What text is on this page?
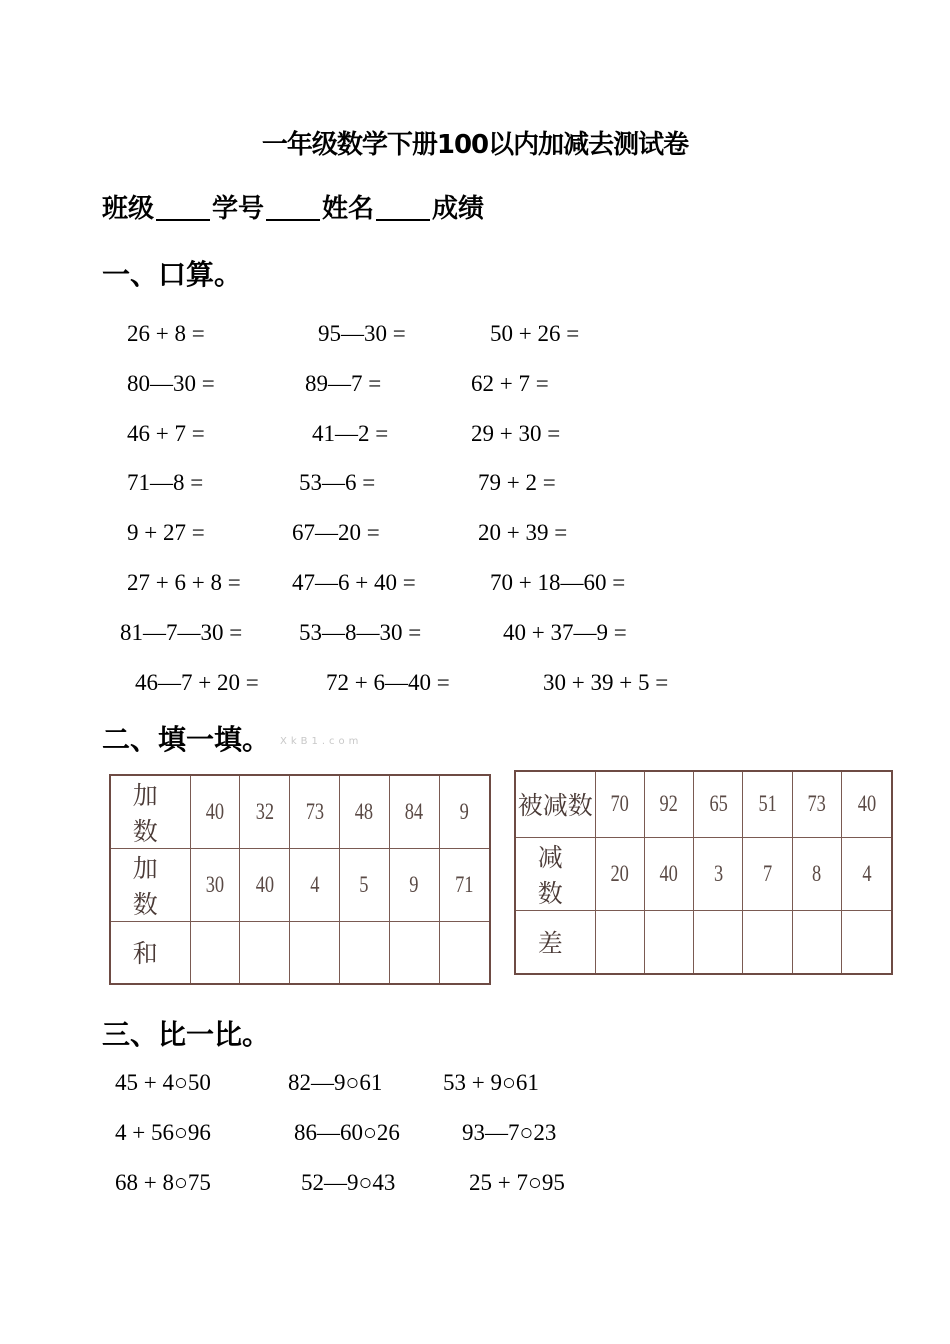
一年级数学下册100以内加减去测试卷
班级 学号 姓名 成绩
一、口算。
26 + 8 =	95—30 =	50 + 26 =
80—30 =	89—7 =	62 + 7 =
46 + 7 =	41—2 =	29 + 30 =
71—8 =	53—6 =	79 + 2 =
9 + 27 =	67—20 =	20 + 39 =
27 + 6 + 8 = 47—6 + 40 =	70 + 18—60 =
81—7—30 = 53—8—30 =	40 + 37—9 =
46—7 + 20 =	72 + 6—40 =	30 + 39 + 5 =
二、填一填。 XkB1.com
加 数	40	32	73	48	84	9
加 数	30	40	4	5	9	71
和						
被减数	70	92	65	51	73	40
减 数	20	40	3	7	8	4
差						
三、比一比。
45 + 4○50	82—9○61	53 + 9○61
4 + 56○96	86—60○26	93—7○23
68 + 8○75	52—9○43	25 + 7○95
